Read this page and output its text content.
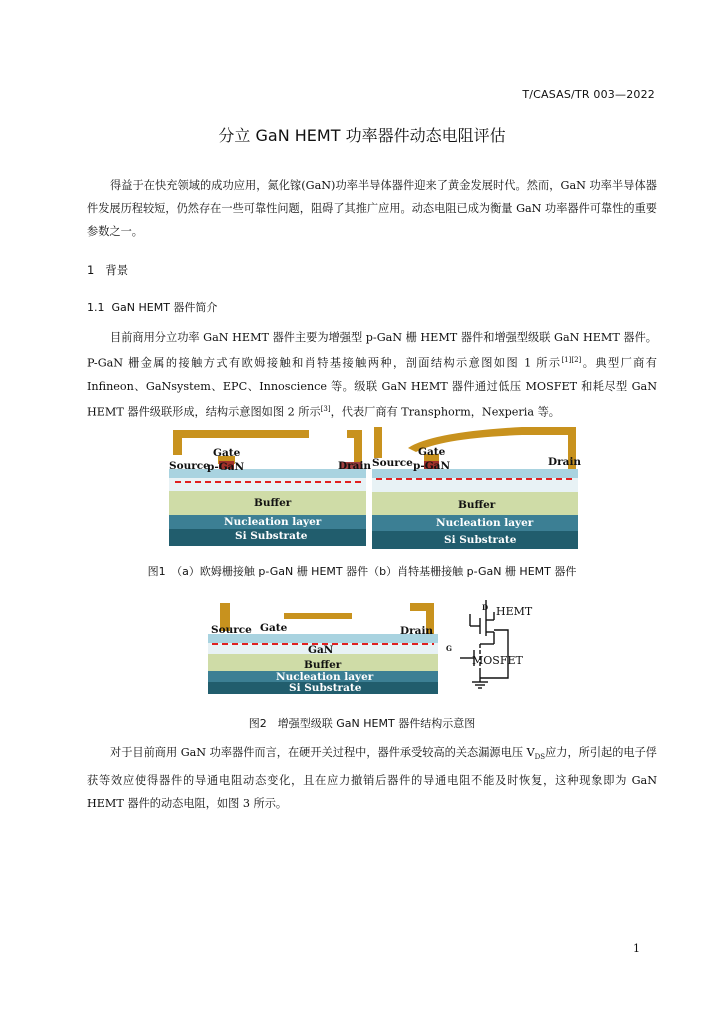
T/CASAS/TR 003—2022
分立 GaN HEMT 功率器件动态电阻评估

得益于在快充领域的成功应用，氮化镓(GaN)功率半导体器件迎来了黄金发展时代。然而，GaN 功率半导体器件发展历程较短，仍然存在一些可靠性问题，阻碍了其推广应用。动态电阻已成为衡量 GaN 功率器件可靠性的重要参数之一。

1 背景
1.1 GaN HEMT 器件简介

目前商用分立功率 GaN HEMT 器件主要为增强型 p-GaN 栅 HEMT 器件和增强型级联 GaN HEMT 器件。P-GaN 栅金属的接触方式有欧姆接触和肖特基接触两种，剖面结构示意图如图 1 所示[1][2]。典型厂商有 Infineon、GaNsystem、EPC、Innoscience 等。级联 GaN HEMT 器件通过低压 MOSFET 和耗尽型 GaN HEMT 器件级联形成，结构示意图如图 2 所示[3]，代表厂商有 Transphorm，Nexperia 等。

Gate
Source
p-GaN	Drain
Buffer
Nucleation layer
Si Substrate
Gate
Source p-GaN	Drain
Buffer
Nucleation layer
Si Substrate
图1　（a）欧姆栅接触 p-GaN 栅 HEMT 器件（b）肖特基栅接触 p-GaN 栅 HEMT 器件
Source Gate	Drain
GaN
Buffer
Nucleation layer
Si Substrate
D HEMT
G
MOSFET
图2　增强型级联 GaN HEMT 器件结构示意图

对于目前商用 GaN 功率器件而言，在硬开关过程中，器件承受较高的关态漏源电压 $V_{DS}$应力，所引起的电子俘获等效应使得器件的导通电阻动态变化，且在应力撤销后器件的导通电阻不能及时恢复，这种现象即为 GaN HEMT 器件的动态电阻，如图 3 所示。

1
